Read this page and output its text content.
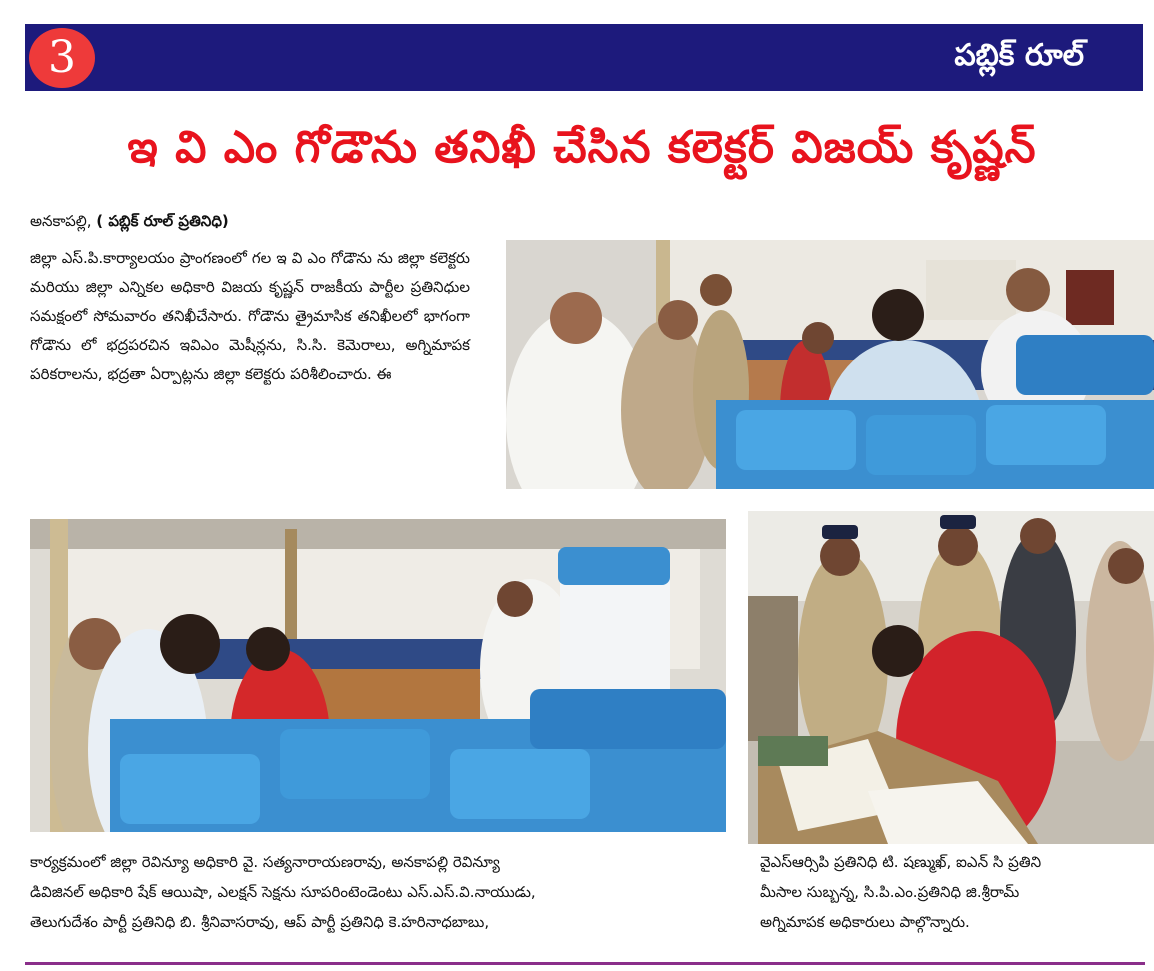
3	పబ్లిక్ రూల్
ఇ వి ఎం గోడౌను తనిఖీ చేసిన కలెక్టర్ విజయ్ కృష్ణన్
అనకాపల్లి, ( పబ్లిక్ రూల్ ప్రతినిధి)

జిల్లా ఎస్.పి.కార్యాలయం ప్రాంగణంలో గల ఇ వి ఎం గోడౌను ను జిల్లా కలెక్టరు మరియు జిల్లా ఎన్నికల అధికారి విజయ కృష్ణన్ రాజకీయ పార్టీల ప్రతినిధుల సమక్షంలో సోమవారం తనిఖీచేసారు. గోడౌను త్రైమాసిక తనిఖీలలో భాగంగా గోడౌను లో భద్రపరచిన ఇవిఎం మెషీన్లను, సి.సి. కెమెరాలు, అగ్నిమాపక పరికరాలను, భద్రతా ఏర్పాట్లను జిల్లా కలెక్టరు పరిశీలించారు. ఈ

కార్యక్రమంలో జిల్లా రెవిన్యూ అధికారి వై. సత్యనారాయణరావు, అనకాపల్లి రెవిన్యూ

డివిజినల్ అధికారి షేక్ ఆయిషా, ఎలక్షన్ సెక్షను సూపరింటెండెంటు ఎస్.ఎస్.వి.నాయుడు,

తెలుగుదేశం పార్టీ ప్రతినిధి బి. శ్రీనివాసరావు, ఆప్ పార్టీ ప్రతినిధి కె.హరినాధబాబు,

వైఎస్ఆర్సిపి ప్రతినిధి టి. షణ్ముఖ్, ఐఎన్ సి ప్రతిని

మీసాల సుబ్బన్న, సి.పి.ఎం.ప్రతినిధి జి.శ్రీరామ్

అగ్నిమాపక అధికారులు పాల్గొన్నారు.
